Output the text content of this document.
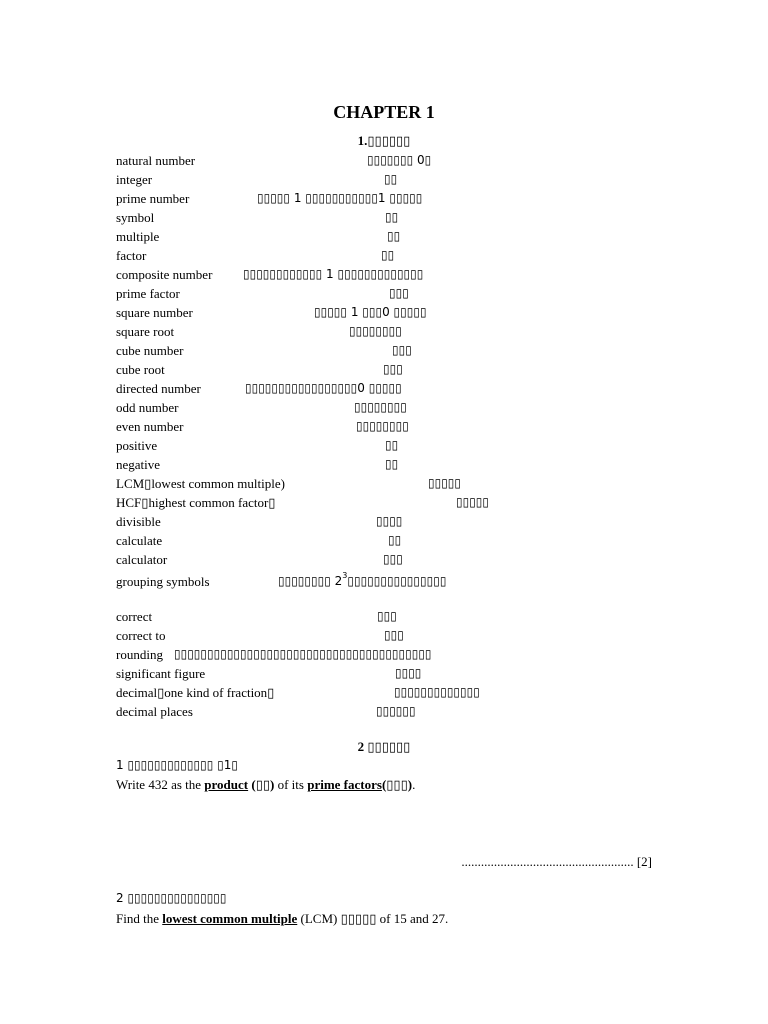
CHAPTER 1
1.▯▯▯▯▯▯
natural number	▯▯▯▯▯▯▯ 0▯
integer	▯▯
prime number	▯▯▯▯▯ 1 ▯▯▯▯▯▯▯▯▯▯▯1 ▯▯▯▯▯
symbol	▯▯
multiple	▯▯
factor	▯▯
composite number	▯▯▯▯▯▯▯▯▯▯▯▯ 1 ▯▯▯▯▯▯▯▯▯▯▯▯▯
prime factor	▯▯▯
square number	▯▯▯▯▯ 1 ▯▯▯0 ▯▯▯▯▯
square root	▯▯▯▯▯▯▯▯
cube number	▯▯▯
cube root	▯▯▯
directed number	▯▯▯▯▯▯▯▯▯▯▯▯▯▯▯▯▯0 ▯▯▯▯▯
odd number	▯▯▯▯▯▯▯▯
even number	▯▯▯▯▯▯▯▯
positive	▯▯
negative	▯▯
LCM▯lowest common multiple)	▯▯▯▯▯
HCF▯highest common factor▯	▯▯▯▯▯
divisible	▯▯▯▯
calculate	▯▯
calculator	▯▯▯
grouping symbols	▯▯▯▯▯▯▯▯ $2^3▯▯▯▯▯▯▯▯▯▯▯▯▯▯▯$
correct	▯▯▯
correct to	▯▯▯
rounding ▯▯▯▯▯▯▯▯▯▯▯▯▯▯▯▯▯▯▯▯▯▯▯▯▯▯▯▯▯▯▯▯▯▯▯▯▯▯▯
significant figure	▯▯▯▯
decimal▯one kind of fraction▯	▯▯▯▯▯▯▯▯▯▯▯▯▯
decimal places	▯▯▯▯▯▯
2 ▯▯▯▯▯▯
1 ▯▯▯▯▯▯▯▯▯▯▯▯▯ ▯1▯
Write 432 as the product (▯▯) of its prime factors(▯▯▯).
..................................................... [2]
2 ▯▯▯▯▯▯▯▯▯▯▯▯▯▯▯
Find the lowest common multiple (LCM) ▯▯▯▯▯ of 15 and 27.
